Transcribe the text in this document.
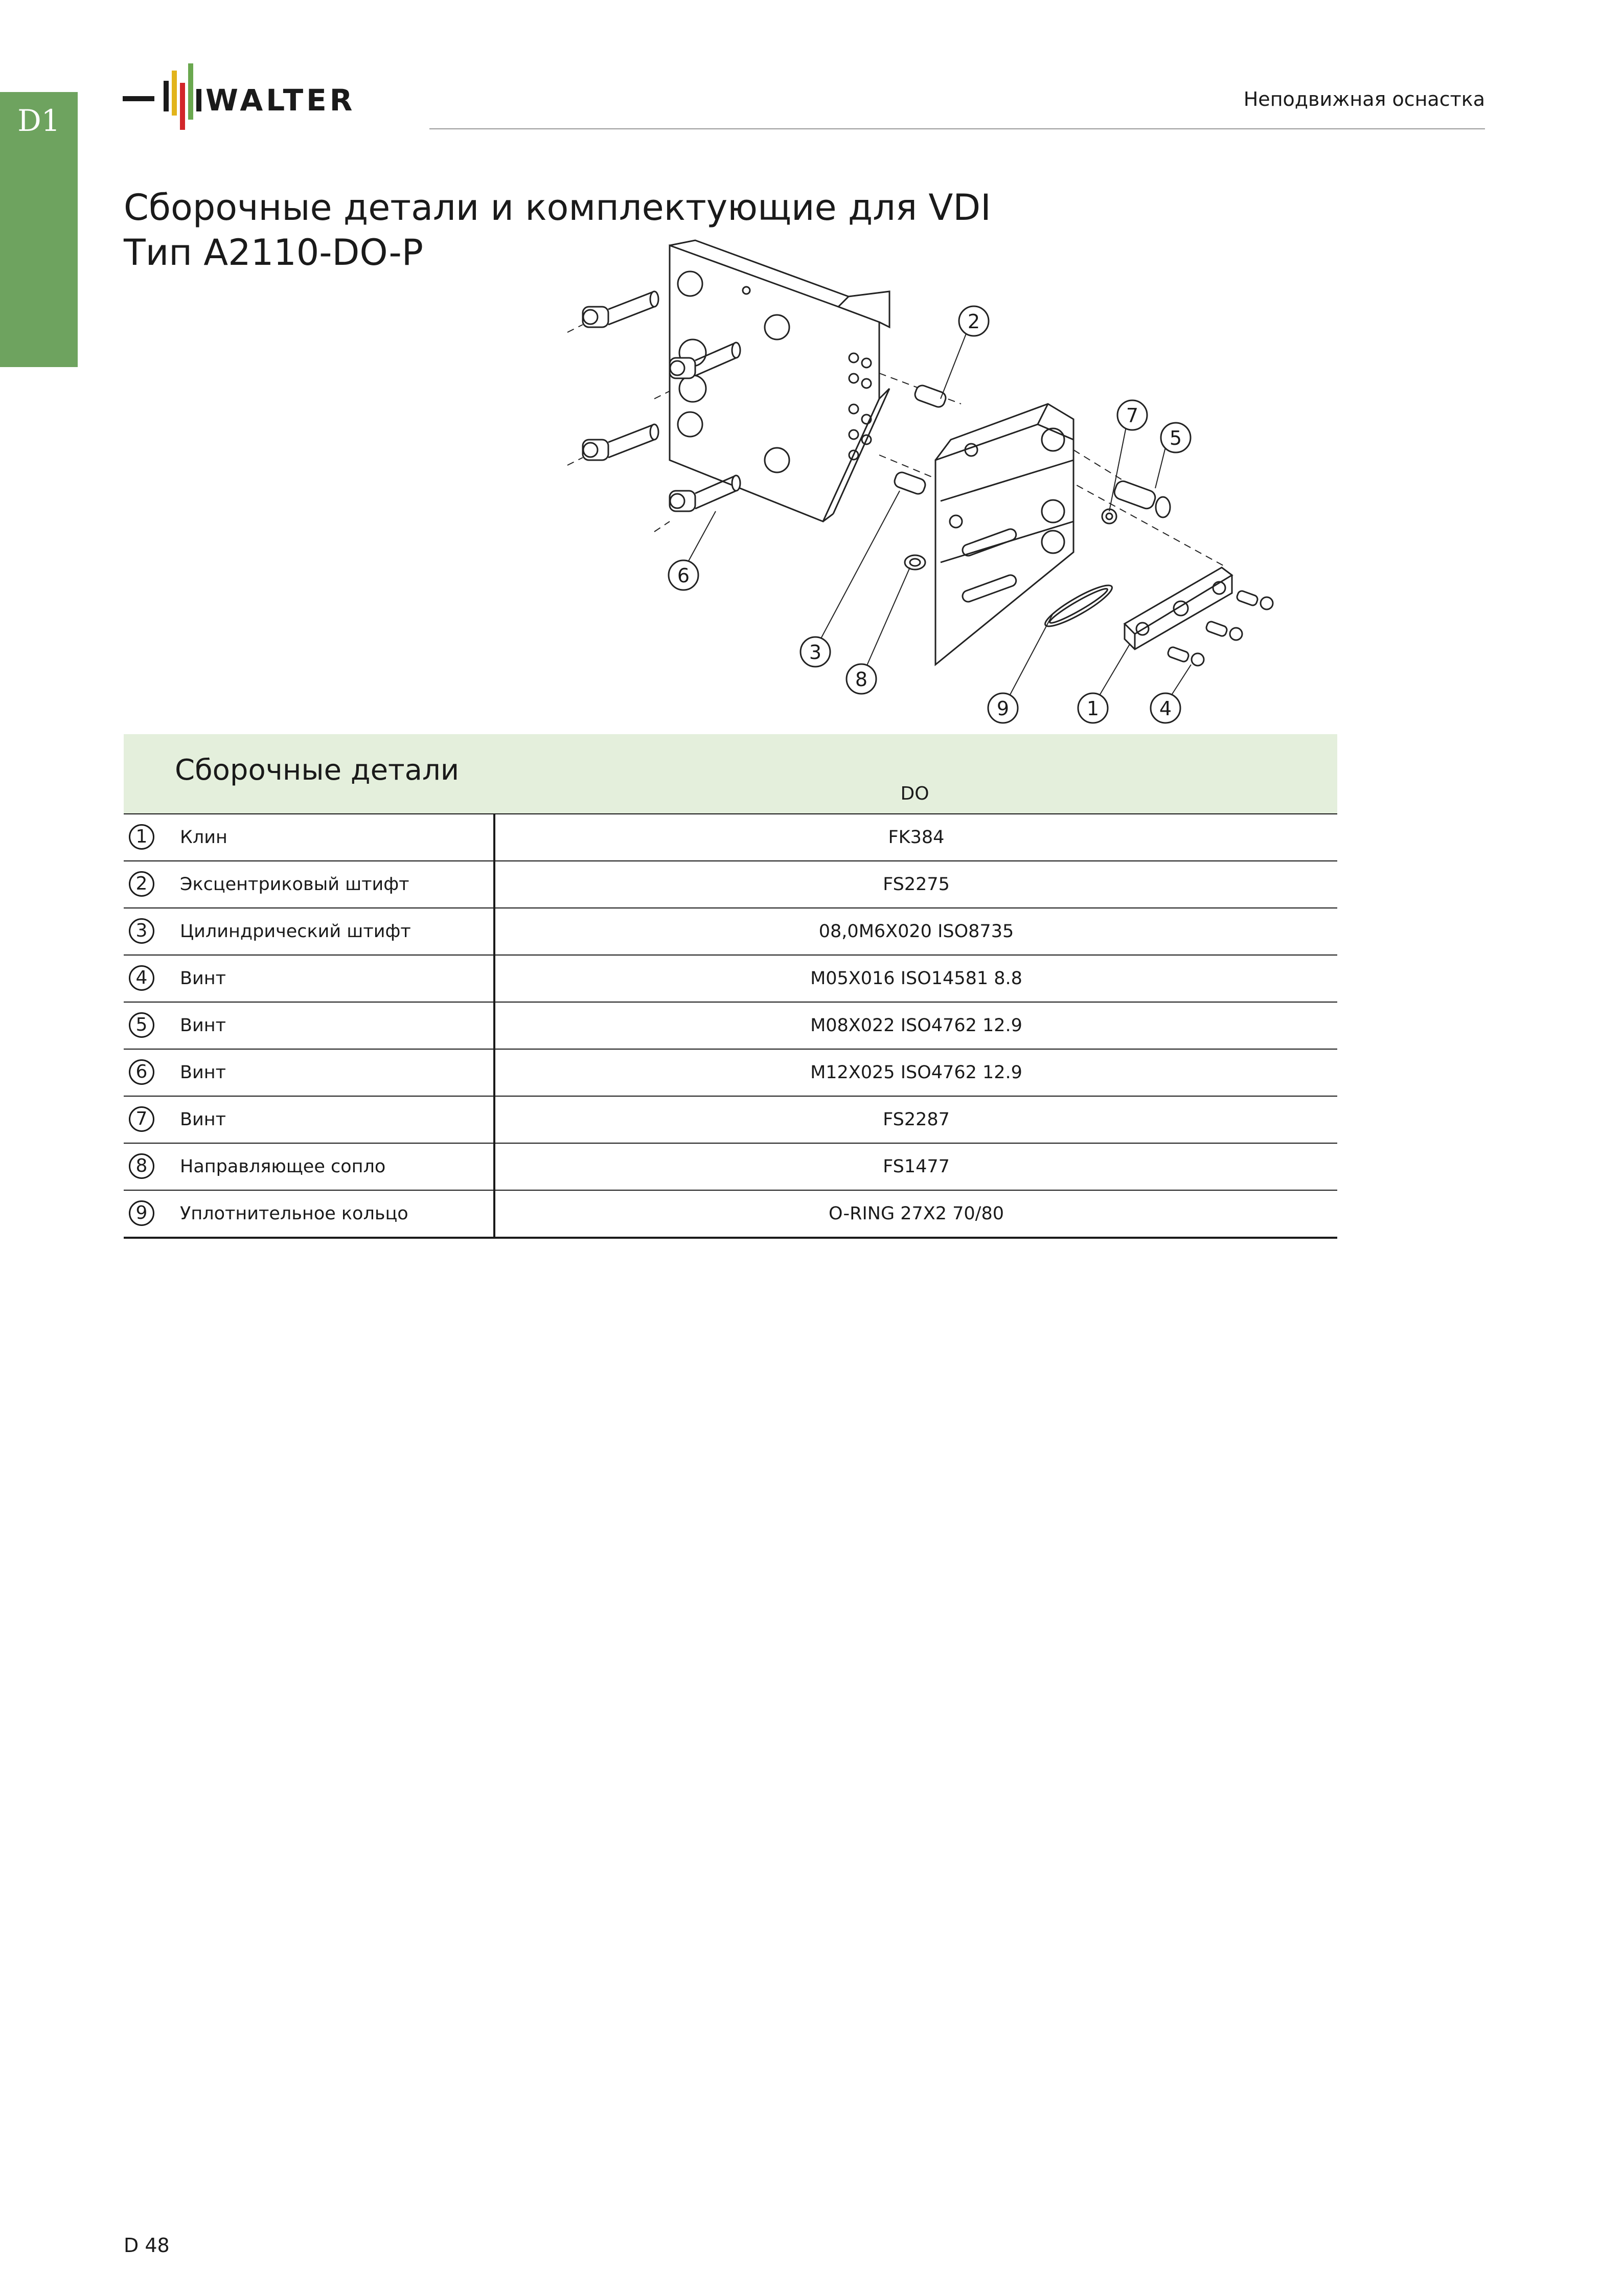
D1
WALTER	Неподвижная оснастка
Сборочные детали и комплектующие для VDI
Тип A2110-DO-P
2
7
5
6
3
8
9	1	4
Сборочные детали
DO
1	Клин	FK384
2	Эксцентриковый штифт	FS2275
3	Цилиндрический штифт	08,0M6X020 ISO8735
4	Винт	M05X016 ISO14581 8.8
5	Винт	M08X022 ISO4762 12.9
6	Винт	M12X025 ISO4762 12.9
7	Винт	FS2287
8	Направляющее сопло	FS1477
9	Уплотнительное кольцо	O-RING 27X2 70/80
D 48
